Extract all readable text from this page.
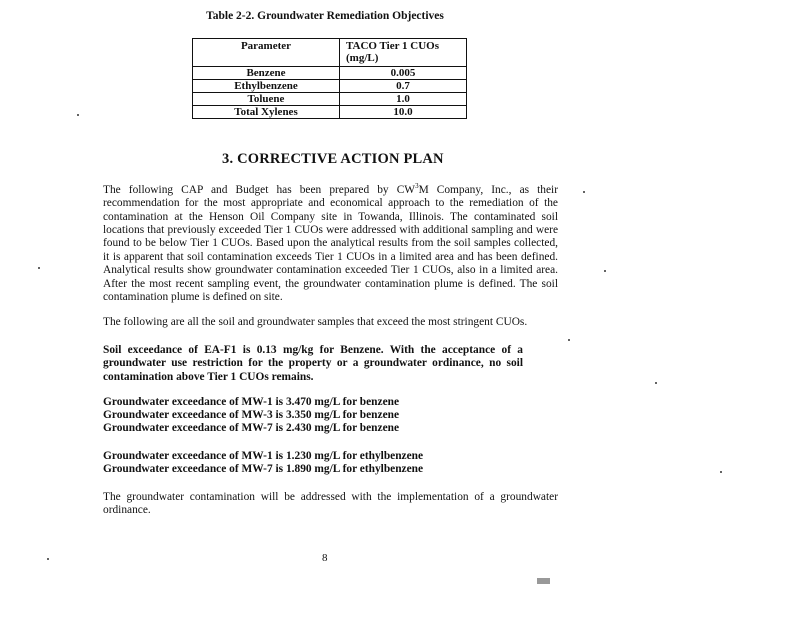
Table 2-2. Groundwater Remediation Objectives
Parameter	TACO Tier 1 CUOs (mg/L)
Benzene	0.005
Ethylbenzene	0.7
Toluene	1.0
Total Xylenes	10.0
3. CORRECTIVE ACTION PLAN
The following CAP and Budget has been prepared by $CW^3M$ Company, Inc., as their recommendation for the most appropriate and economical approach to the remediation of the contamination at the Henson Oil Company site in Towanda, Illinois. The contaminated soil locations that previously exceeded Tier 1 CUOs were addressed with additional sampling and were found to be below Tier 1 CUOs. Based upon the analytical results from the soil samples collected, it is apparent that soil contamination exceeds Tier 1 CUOs in a limited area and has been defined. Analytical results show groundwater contamination exceeded Tier 1 CUOs, also in a limited area. After the most recent sampling event, the groundwater contamination plume is defined. The soil contamination plume is defined on site.
The following are all the soil and groundwater samples that exceed the most stringent CUOs.
Soil exceedance of EA-F1 is 0.13 mg/kg for Benzene. With the acceptance of a groundwater use restriction for the property or a groundwater ordinance, no soil contamination above Tier 1 CUOs remains.
Groundwater exceedance of MW-1 is 3.470 mg/L for benzene
Groundwater exceedance of MW-3 is 3.350 mg/L for benzene
Groundwater exceedance of MW-7 is 2.430 mg/L for benzene
Groundwater exceedance of MW-1 is 1.230 mg/L for ethylbenzene
Groundwater exceedance of MW-7 is 1.890 mg/L for ethylbenzene
The groundwater contamination will be addressed with the implementation of a groundwater ordinance.
8
